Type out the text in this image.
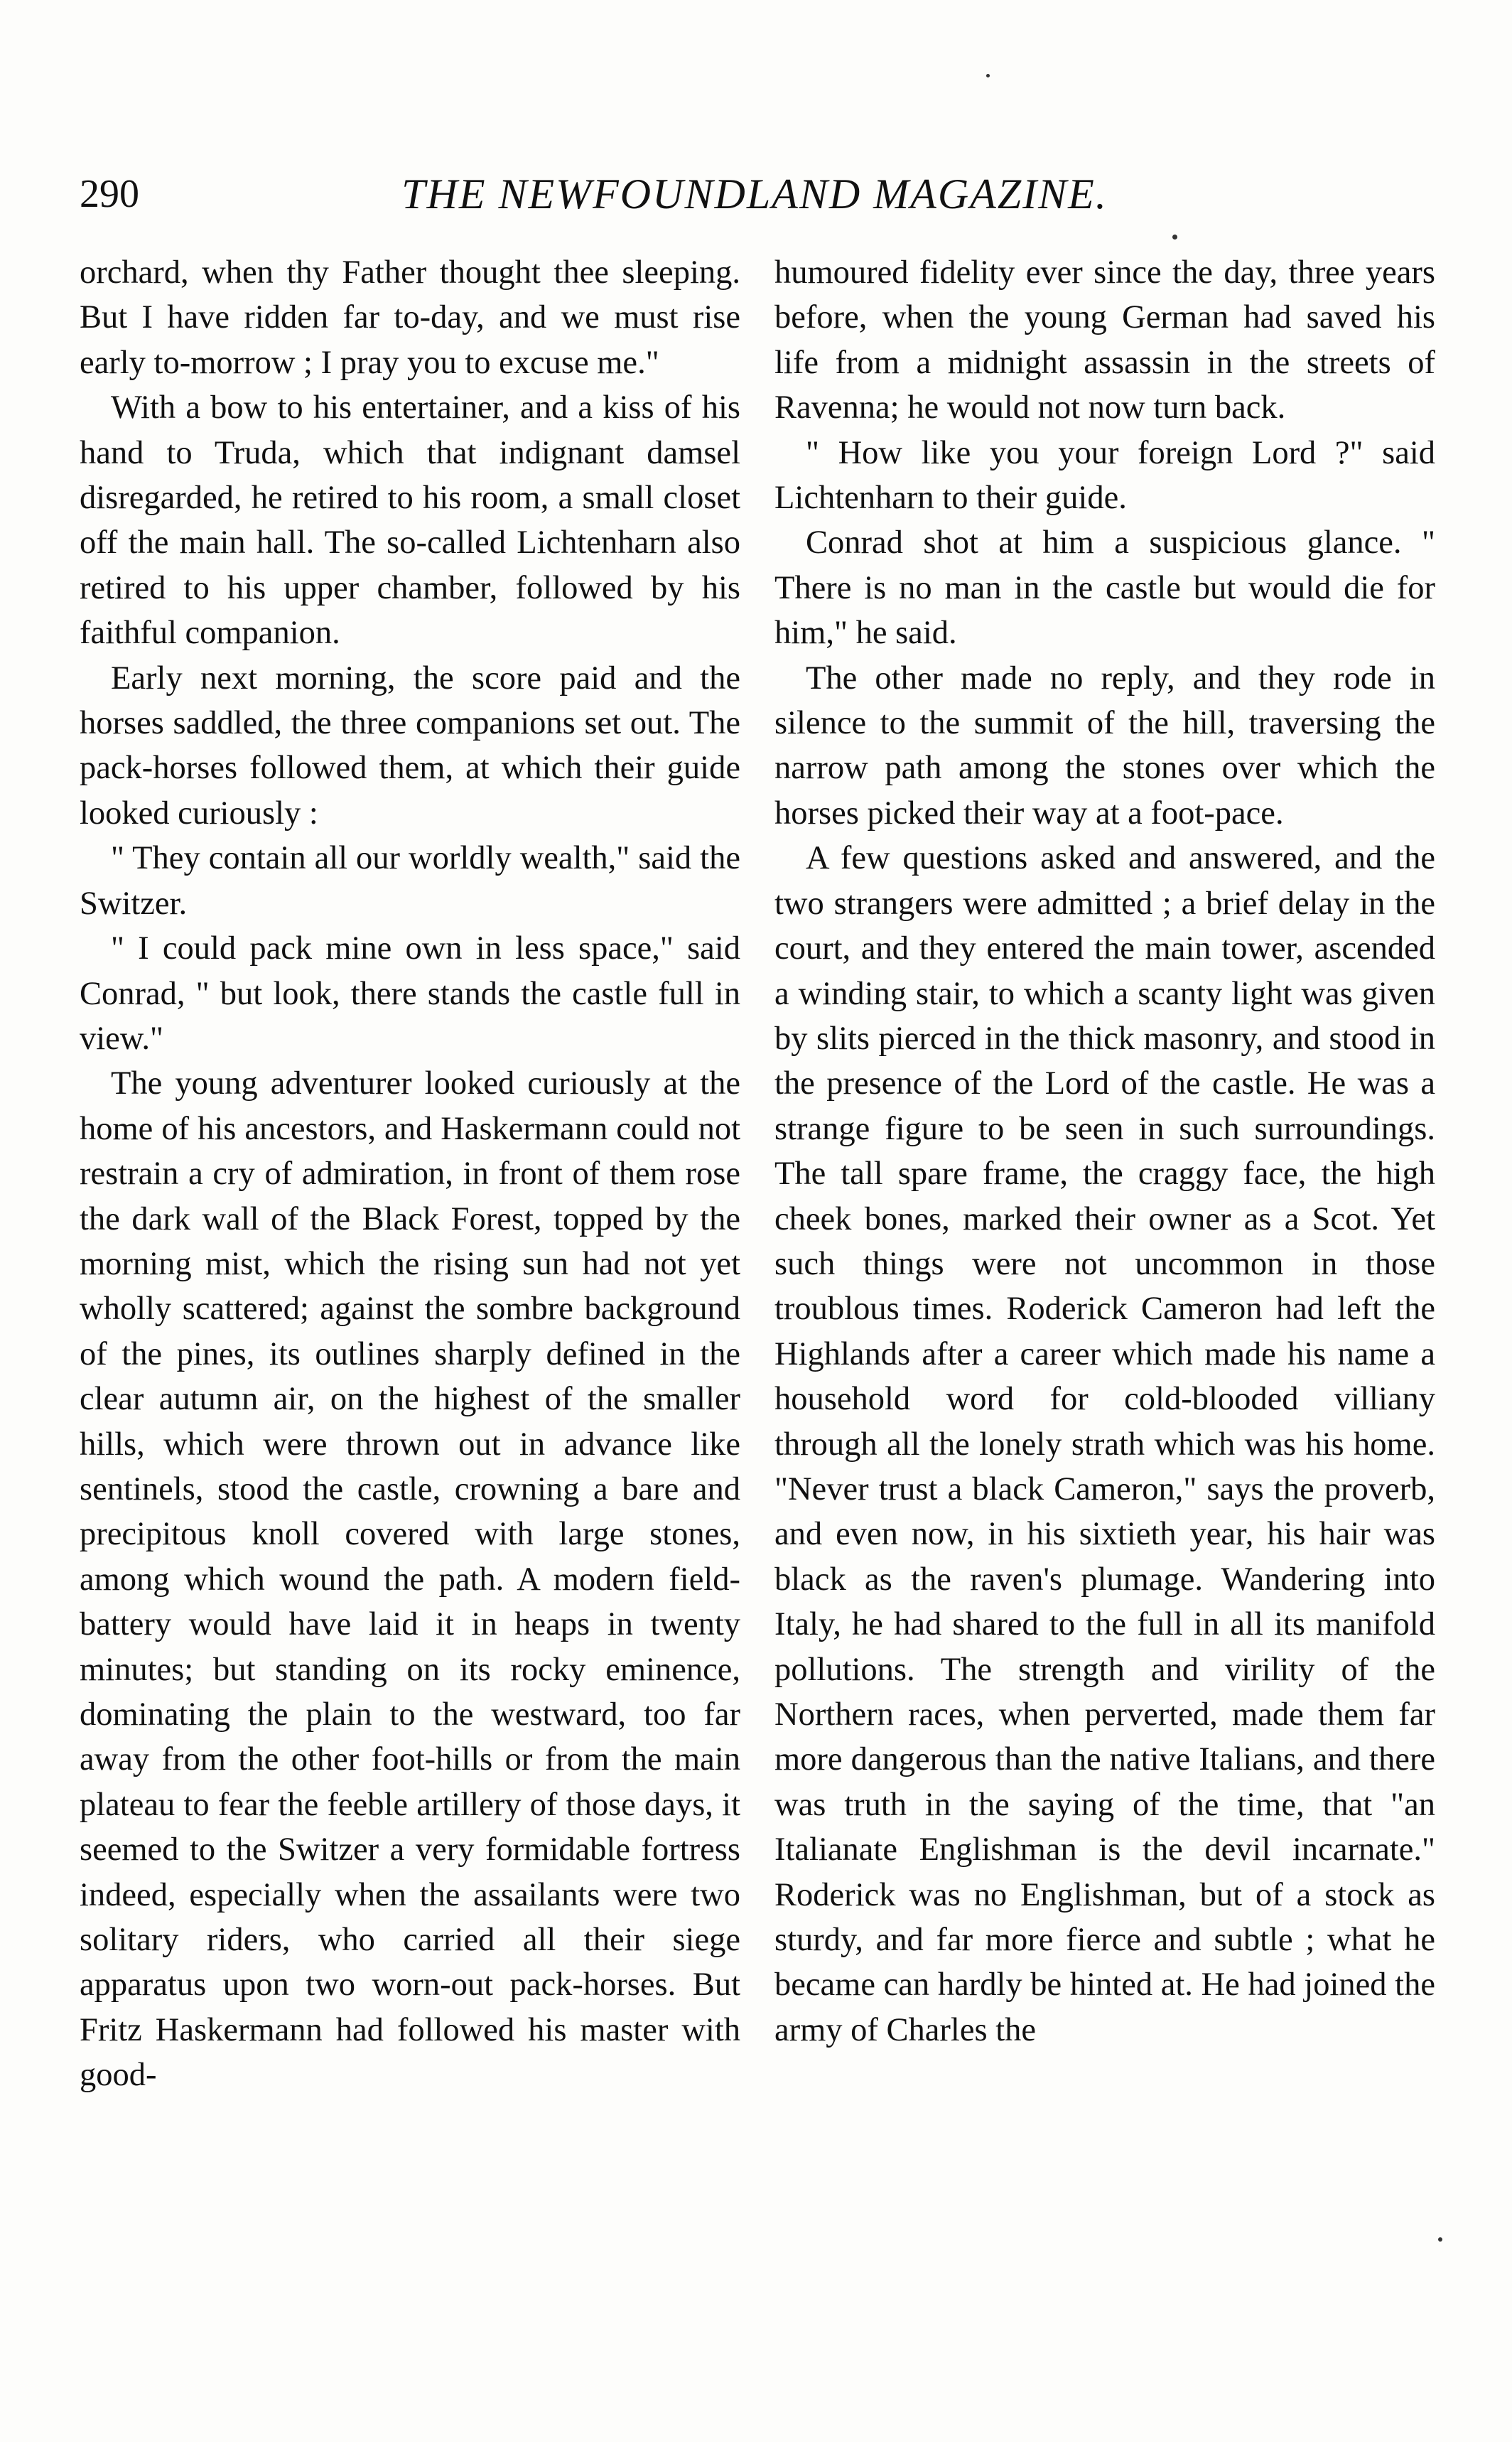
290	THE NEWFOUNDLAND MAGAZINE.

orchard, when thy Father thought thee sleeping. But I have ridden far to-day, and we must rise early to-morrow ; I pray you to excuse me."

With a bow to his entertainer, and a kiss of his hand to Truda, which that indignant damsel disregarded, he retired to his room, a small closet off the main hall. The so-called Lichtenharn also retired to his upper chamber, followed by his faithful companion.

Early next morning, the score paid and the horses saddled, the three companions set out. The pack-horses followed them, at which their guide looked curiously :

" They contain all our worldly wealth," said the Switzer.

" I could pack mine own in less space," said Conrad, " but look, there stands the castle full in view."

The young adventurer looked curiously at the home of his ancestors, and Haskermann could not restrain a cry of admiration, in front of them rose the dark wall of the Black Forest, topped by the morning mist, which the rising sun had not yet wholly scattered; against the sombre background of the pines, its outlines sharply defined in the clear autumn air, on the highest of the smaller hills, which were thrown out in advance like sentinels, stood the castle, crowning a bare and precipitous knoll covered with large stones, among which wound the path. A modern field-battery would have laid it in heaps in twenty minutes; but standing on its rocky eminence, dominating the plain to the westward, too far away from the other foot-hills or from the main plateau to fear the feeble artillery of those days, it seemed to the Switzer a very formidable fortress indeed, especially when the assailants were two solitary riders, who carried all their siege apparatus upon two worn-out pack-horses. But Fritz Haskermann had followed his master with good-

humoured fidelity ever since the day, three years before, when the young German had saved his life from a midnight assassin in the streets of Ravenna; he would not now turn back.

" How like you your foreign Lord ?" said Lichtenharn to their guide.

Conrad shot at him a suspicious glance. " There is no man in the castle but would die for him," he said.

The other made no reply, and they rode in silence to the summit of the hill, traversing the narrow path among the stones over which the horses picked their way at a foot-pace.

A few questions asked and answered, and the two strangers were admitted ; a brief delay in the court, and they entered the main tower, ascended a winding stair, to which a scanty light was given by slits pierced in the thick masonry, and stood in the presence of the Lord of the castle. He was a strange figure to be seen in such surroundings. The tall spare frame, the craggy face, the high cheek bones, marked their owner as a Scot. Yet such things were not uncommon in those troublous times. Roderick Cameron had left the Highlands after a career which made his name a household word for cold-blooded villiany through all the lonely strath which was his home. "Never trust a black Cameron," says the proverb, and even now, in his sixtieth year, his hair was black as the raven's plumage. Wandering into Italy, he had shared to the full in all its manifold pollutions. The strength and virility of the Northern races, when perverted, made them far more dangerous than the native Italians, and there was truth in the saying of the time, that "an Italianate Englishman is the devil incarnate." Roderick was no Englishman, but of a stock as sturdy, and far more fierce and subtle ; what he became can hardly be hinted at. He had joined the army of Charles the
